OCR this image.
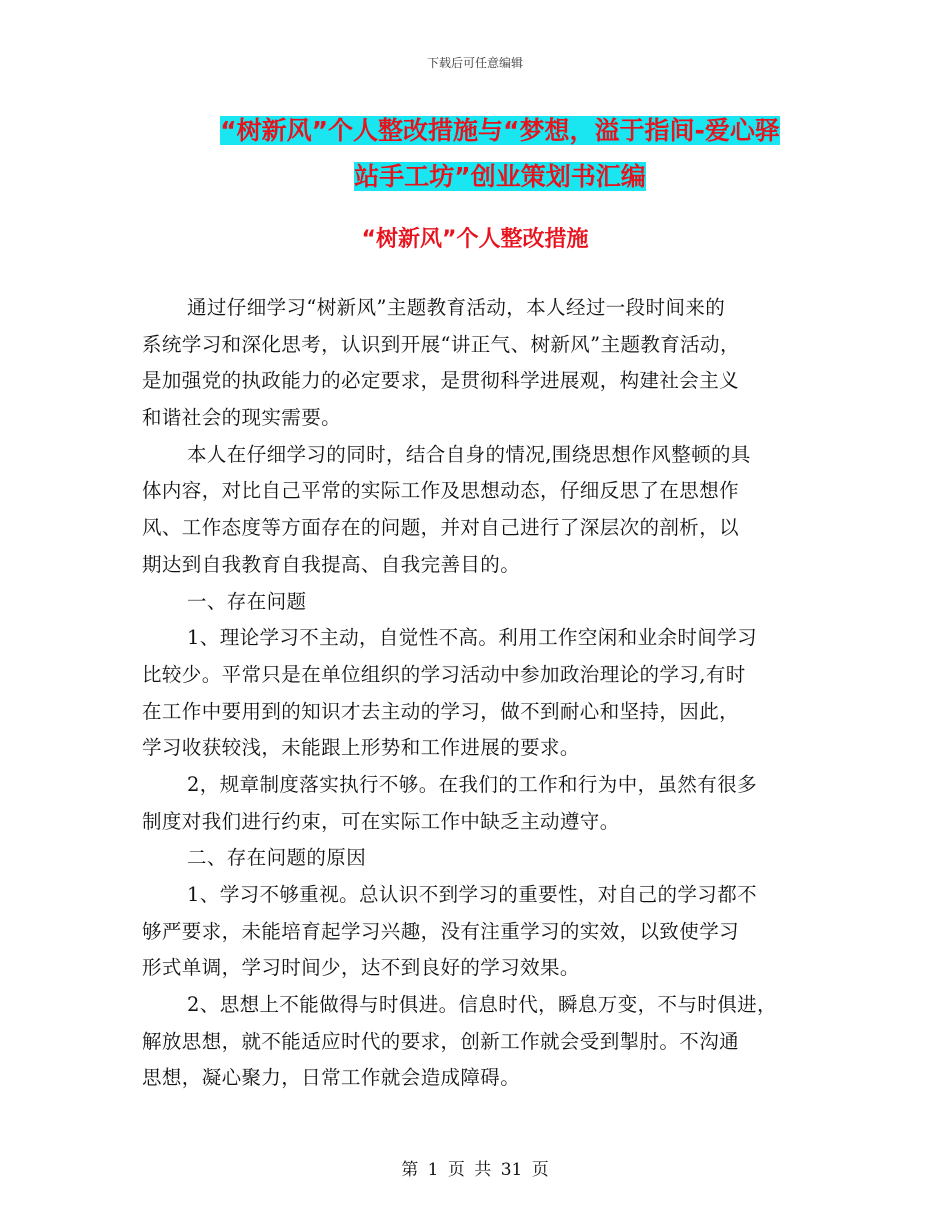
下载后可任意编辑
“树新风”个人整改措施与“梦想，溢于指间-爱心驿
站手工坊”创业策划书汇编
“树新风”个人整改措施
通过仔细学习“树新风”主题教育活动，本人经过一段时间来的
系统学习和深化思考，认识到开展“讲正气、树新风”主题教育活动，
是加强党的执政能力的必定要求，是贯彻科学进展观，构建社会主义
和谐社会的现实需要。
本人在仔细学习的同时，结合自身的情况,围绕思想作风整顿的具
体内容，对比自己平常的实际工作及思想动态，仔细反思了在思想作
风、工作态度等方面存在的问题，并对自己进行了深层次的剖析，以
期达到自我教育自我提高、自我完善目的。
一、存在问题
1、理论学习不主动，自觉性不高。利用工作空闲和业余时间学习
比较少。平常只是在单位组织的学习活动中参加政治理论的学习,有时
在工作中要用到的知识才去主动的学习，做不到耐心和坚持，因此，
学习收获较浅，未能跟上形势和工作进展的要求。
2，规章制度落实执行不够。在我们的工作和行为中，虽然有很多
制度对我们进行约束，可在实际工作中缺乏主动遵守。
二、存在问题的原因
1、学习不够重视。总认识不到学习的重要性，对自己的学习都不
够严要求，未能培育起学习兴趣，没有注重学习的实效，以致使学习
形式单调，学习时间少，达不到良好的学习效果。
2、思想上不能做得与时俱进。信息时代，瞬息万变，不与时俱进，
解放思想，就不能适应时代的要求，创新工作就会受到掣肘。不沟通
思想，凝心聚力，日常工作就会造成障碍。
第 1 页 共 31 页
